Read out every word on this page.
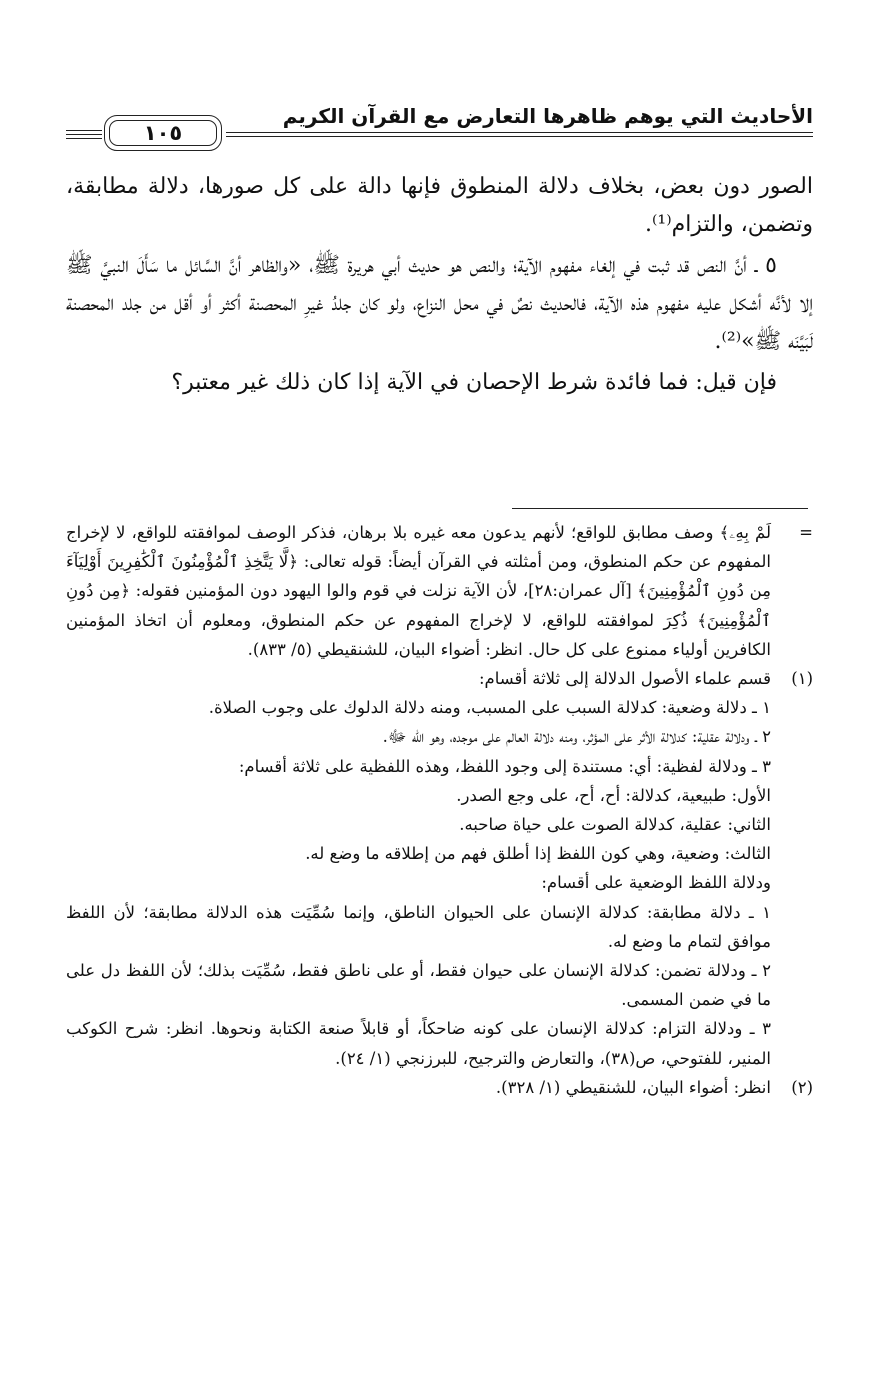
الأحاديث التي يوهم ظاهرها التعارض مع القرآن الكريم
١٠٥

الصور دون بعض، بخلاف دلالة المنطوق فإنها دالة على كل صورها، دلالة مطابقة، وتضمن، والتزام⁽¹⁾.

٥ ـ أنَّ النص قد ثبت في إلغاء مفهوم الآية؛ والنص هو حديث أبي هريرة ﷺ، «والظاهر أنَّ السَّائل ما سَأَلَ النبيَّ ﷺ إلا لأنَّه أشكل عليه مفهوم هذه الآية، فالحديث نصٌ في محل النزاع، ولو كان جلدُ غيرِ المحصنة أكثر أو أقل من جلد المحصنة لَبَيَّنَه ﷺ»⁽²⁾.

فإن قيل: فما فائدة شرط الإحصان في الآية إذا كان ذلك غير معتبر؟

=

لَمْ بِهِۦ﴾ وصف مطابق للواقع؛ لأنهم يدعون معه غيره بلا برهان، فذكر الوصف لموافقته للواقع، لا لإخراج المفهوم عن حكم المنطوق، ومن أمثلته في القرآن أيضاً: قوله تعالى: ﴿لَّا يَتَّخِذِ ٱلْمُؤْمِنُونَ ٱلْكَٰفِرِينَ أَوْلِيَآءَ مِن دُونِ ٱلْمُؤْمِنِينَ﴾ [آل عمران:٢٨]، لأن الآية نزلت في قوم والوا اليهود دون المؤمنين فقوله: ﴿مِن دُونِ ٱلْمُؤْمِنِينَ﴾ ذُكِرَ لموافقته للواقع، لا لإخراج المفهوم عن حكم المنطوق، ومعلوم أن اتخاذ المؤمنين الكافرين أولياء ممنوع على كل حال. انظر: أضواء البيان، للشنقيطي (٥/ ٨٣٣).

(١)

قسم علماء الأصول الدلالة إلى ثلاثة أقسام:

١ ـ دلالة وضعية: كدلالة السبب على المسبب، ومنه دلالة الدلوك على وجوب الصلاة.

٢ ـ ودلالة عقلية: كدلالة الأثر على المؤثر، ومنه دلالة العالم على موجده، وهو الله ﷻ.

٣ ـ ودلالة لفظية: أي: مستندة إلى وجود اللفظ، وهذه اللفظية على ثلاثة أقسام:

الأول: طبيعية، كدلالة: أح، أح، على وجع الصدر.

الثاني: عقلية، كدلالة الصوت على حياة صاحبه.

الثالث: وضعية، وهي كون اللفظ إذا أطلق فهم من إطلاقه ما وضع له.

ودلالة اللفظ الوضعية على أقسام:

١ ـ دلالة مطابقة: كدلالة الإنسان على الحيوان الناطق، وإنما سُمِّيَت هذه الدلالة مطابقة؛ لأن اللفظ موافق لتمام ما وضع له.

٢ ـ ودلالة تضمن: كدلالة الإنسان على حيوان فقط، أو على ناطق فقط، سُمِّيَت بذلك؛ لأن اللفظ دل على ما في ضمن المسمى.

٣ ـ ودلالة التزام: كدلالة الإنسان على كونه ضاحكاً، أو قابلاً صنعة الكتابة ونحوها. انظر: شرح الكوكب المنير، للفتوحي، ص(٣٨)، والتعارض والترجيح، للبرزنجي (١/ ٢٤).

(٢)

انظر: أضواء البيان، للشنقيطي (١/ ٣٢٨).
